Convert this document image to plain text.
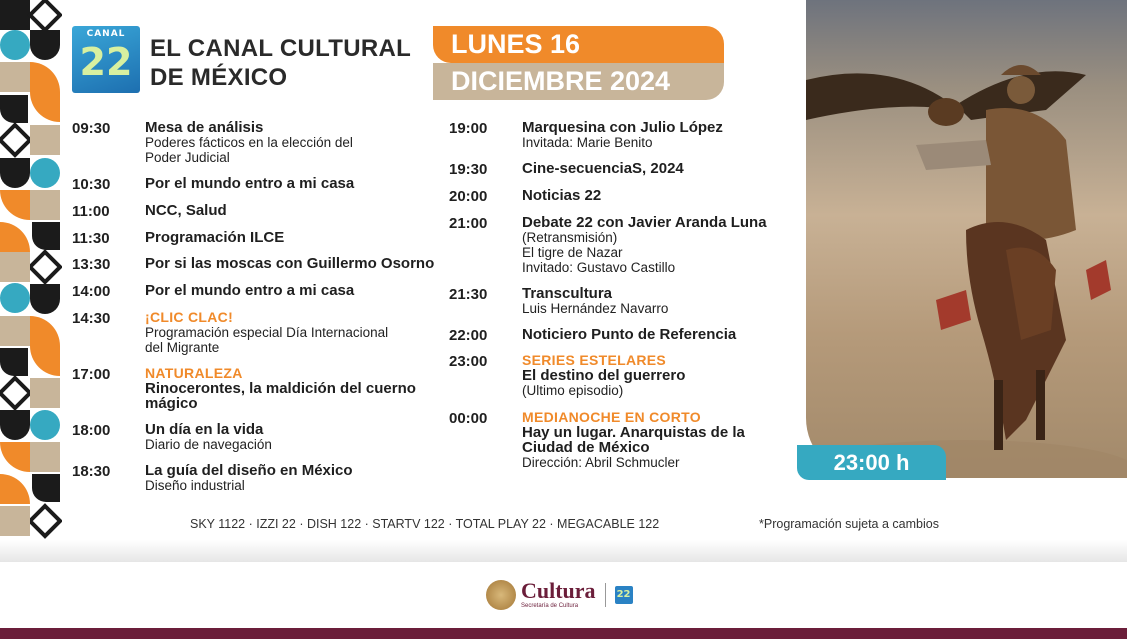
CANAL
22 EL CANAL CULTURAL
DE MÉXICO
LUNES 16
DICIEMBRE 2024
09:30 Mesa de análisis
Poderes fácticos en la elección del
Poder Judicial
10:30 Por el mundo entro a mi casa
11:00 NCC, Salud
11:30 Programación ILCE
13:30 Por si las moscas con Guillermo Osorno
14:00 Por el mundo entro a mi casa
14:30 ¡CLIC CLAC!
Programación especial Día Internacional
del Migrante
17:00 NATURALEZA
Rinocerontes, la maldición del cuerno
mágico
18:00 Un día en la vida
Diario de navegación
18:30 La guía del diseño en México
Diseño industrial
19:00 Marquesina con Julio López
Invitada: Marie Benito
19:30 Cine-secuenciaS, 2024
20:00 Noticias 22
21:00 Debate 22 con Javier Aranda Luna
(Retransmisión)
El tigre de Nazar
Invitado: Gustavo Castillo
21:30 Transcultura
Luis Hernández Navarro
22:00 Noticiero Punto de Referencia
23:00 SERIES ESTELARES
El destino del guerrero
(Ultimo episodio)
00:00 MEDIANOCHE EN CORTO
Hay un lugar. Anarquistas de la
Ciudad de México
Dirección: Abril Schmucler	23:00 h
SKY 1122 · IZZI 22 · DISH 122 · STARTV 122 · TOTAL PLAY 22 · MEGACABLE 122	*Programación sujeta a cambios
Cultura
Secretaría de Cultura
22
